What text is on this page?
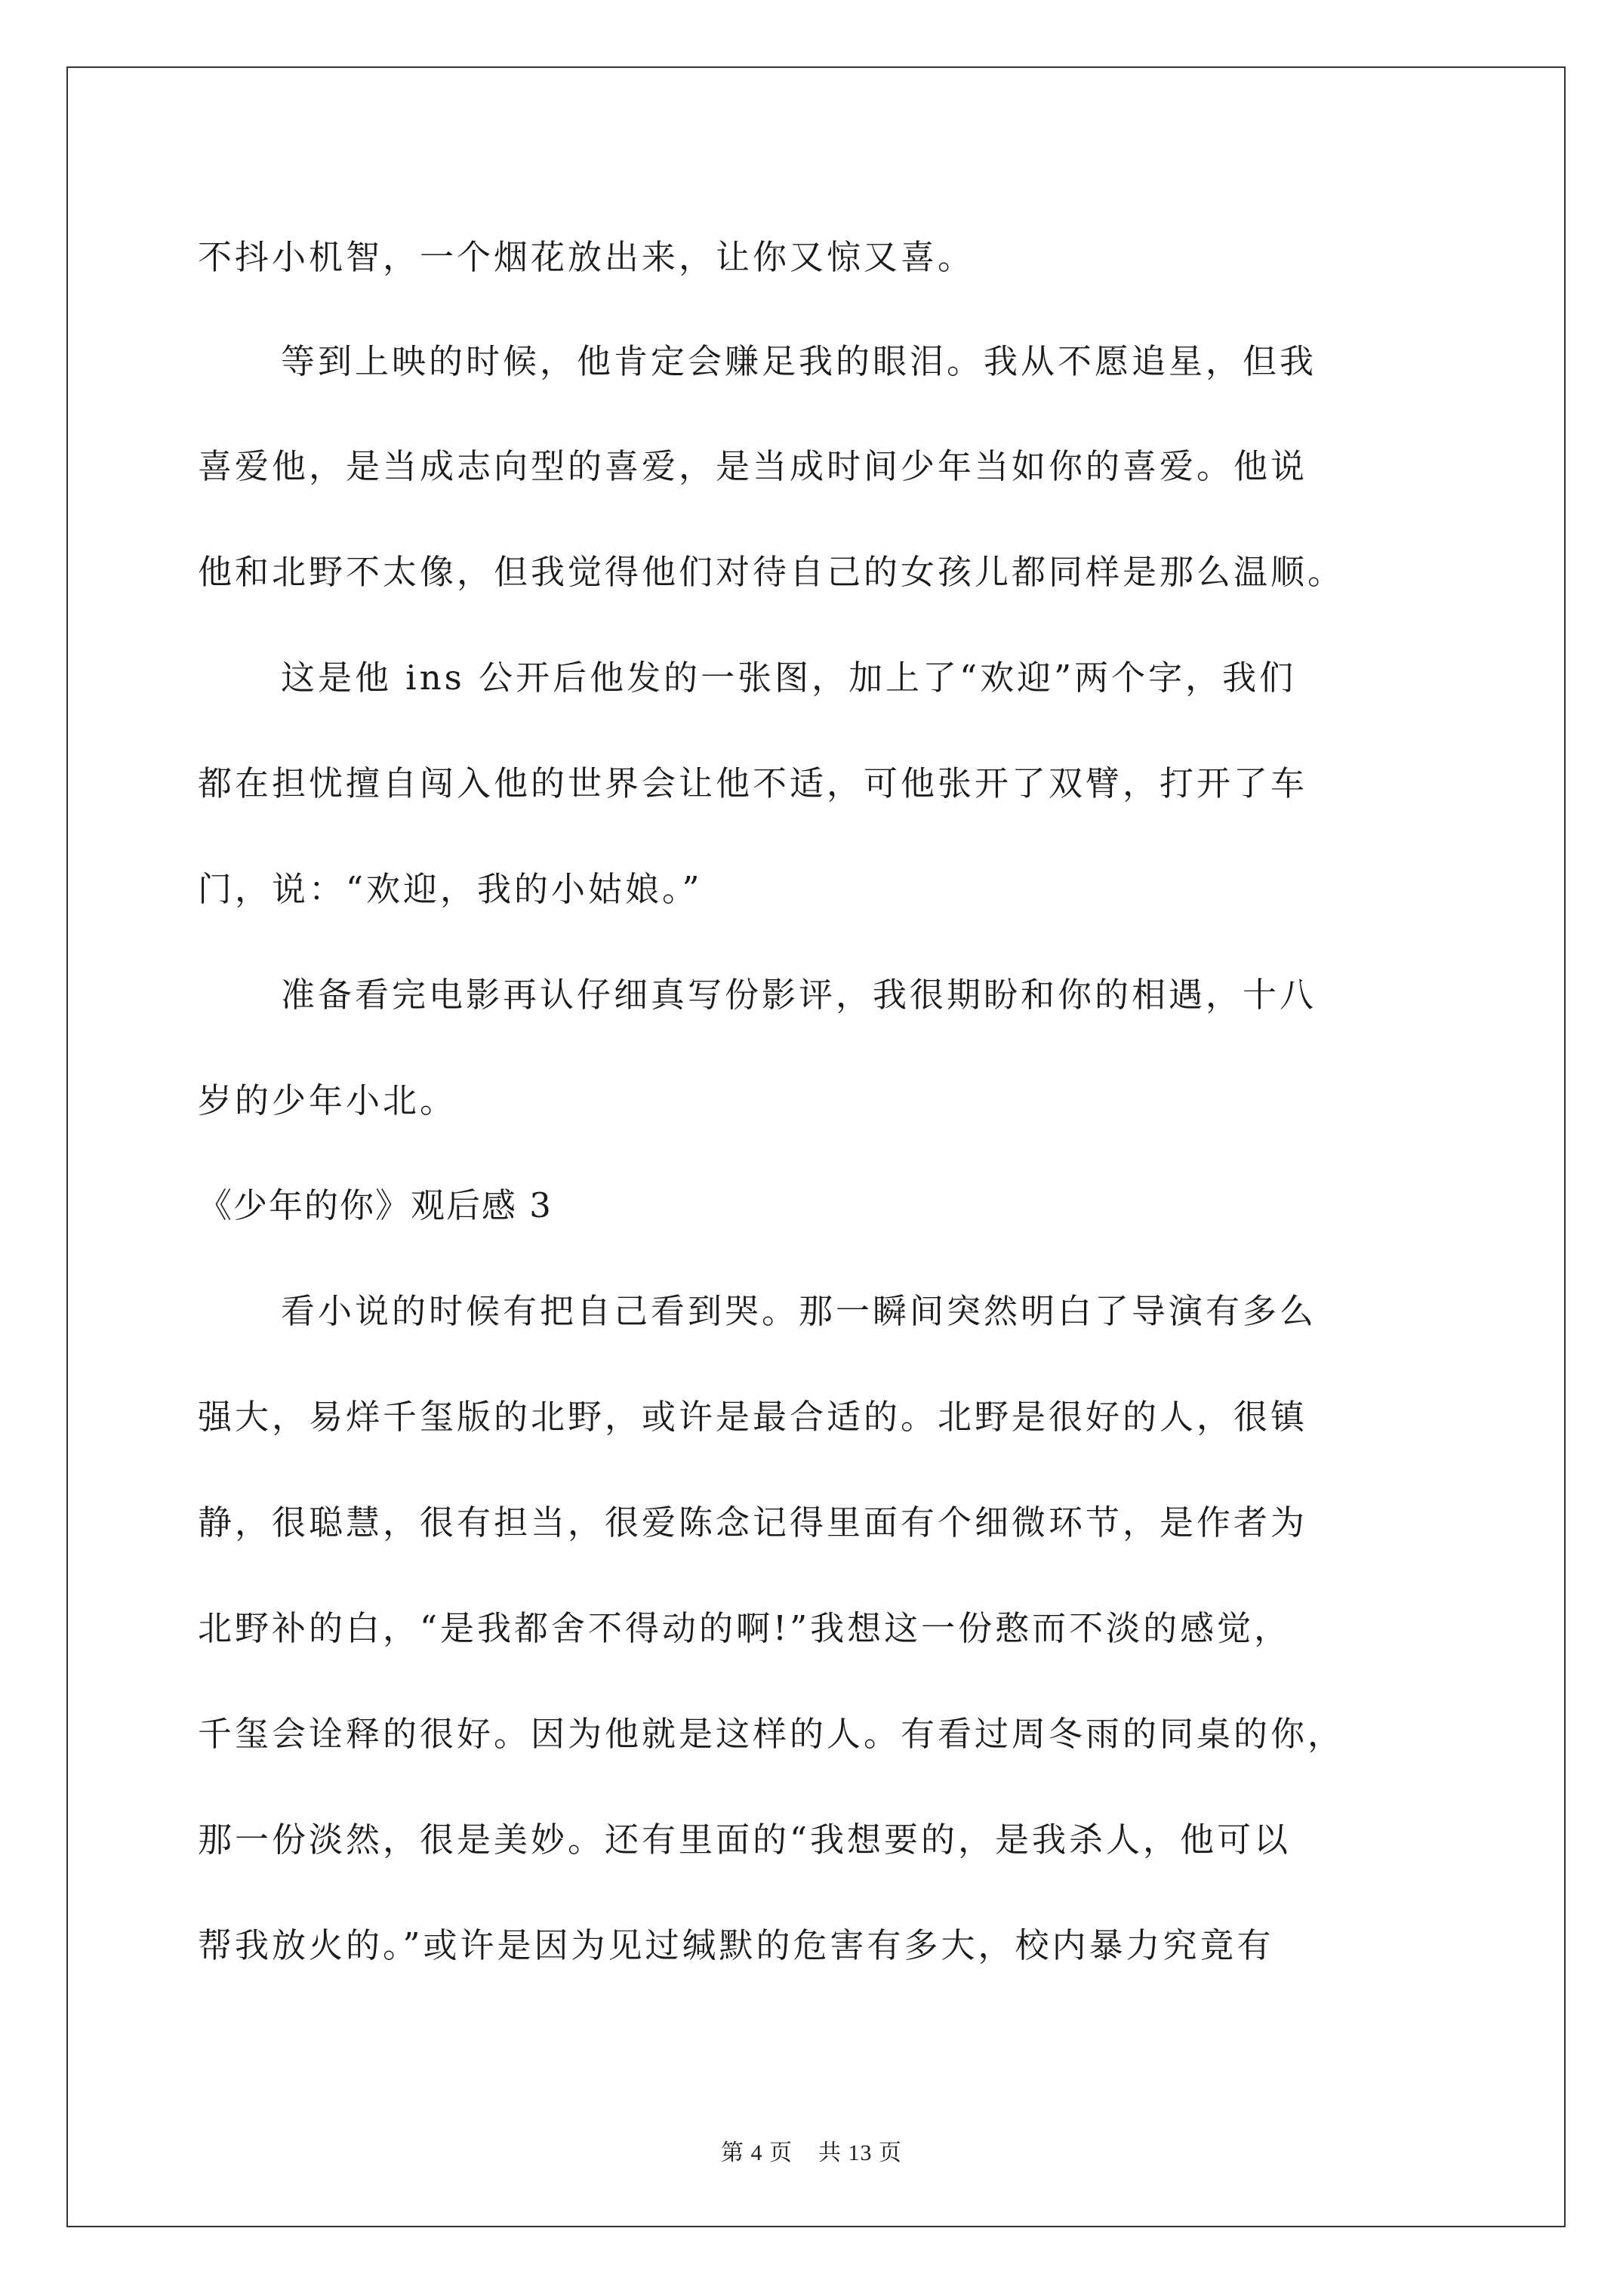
不抖小机智，一个烟花放出来，让你又惊又喜。
等到上映的时候，他肯定会赚足我的眼泪。我从不愿追星，但我
喜爱他，是当成志向型的喜爱，是当成时间少年当如你的喜爱。他说
他和北野不太像，但我觉得他们对待自己的女孩儿都同样是那么温顺。
这是他 ins 公开后他发的一张图，加上了“欢迎”两个字，我们
都在担忧擅自闯入他的世界会让他不适，可他张开了双臂，打开了车
门，说：“欢迎，我的小姑娘。”
准备看完电影再认仔细真写份影评，我很期盼和你的相遇，十八
岁的少年小北。
《少年的你》观后感 3
看小说的时候有把自己看到哭。那一瞬间突然明白了导演有多么
强大，易烊千玺版的北野，或许是最合适的。北野是很好的人，很镇
静，很聪慧，很有担当，很爱陈念记得里面有个细微环节，是作者为
北野补的白，“是我都舍不得动的啊!”我想这一份憨而不淡的感觉，
千玺会诠释的很好。因为他就是这样的人。有看过周冬雨的同桌的你，
那一份淡然，很是美妙。还有里面的“我想要的，是我杀人，他可以
帮我放火的。”或许是因为见过缄默的危害有多大，校内暴力究竟有
第 4 页 共 13 页
